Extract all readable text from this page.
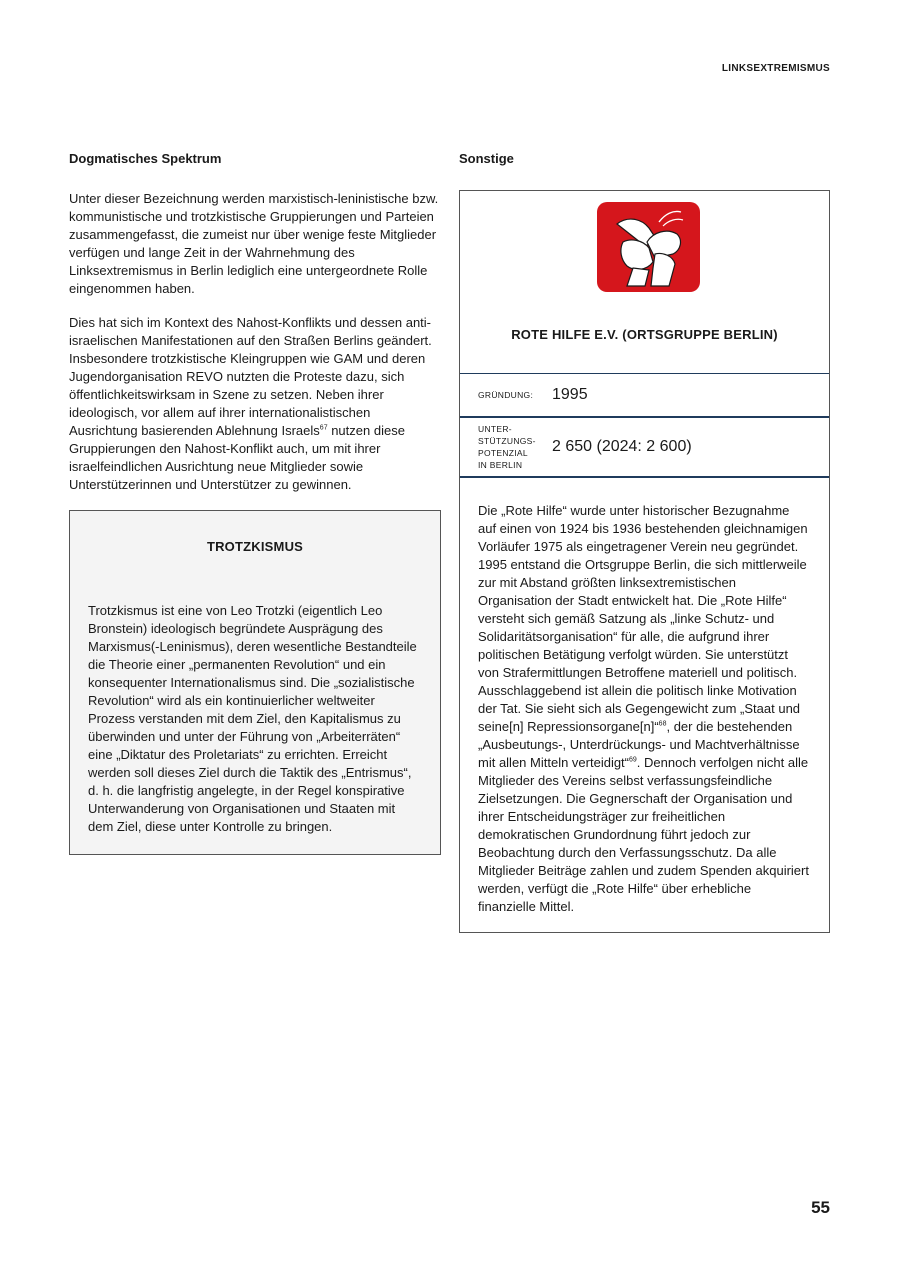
LINKSEXTREMISMUS
Dogmatisches Spektrum

Unter dieser Bezeichnung werden marxistisch-leninistische bzw. kommunistische und trotzkistische Gruppierungen und Parteien zusammengefasst, die zumeist nur über wenige feste Mitglieder verfügen und lange Zeit in der Wahrnehmung des Linksextremismus in Berlin lediglich eine untergeordnete Rolle eingenommen haben.

Dies hat sich im Kontext des Nahost-Konflikts und dessen anti-israelischen Manifestationen auf den Straßen Berlins geändert. Insbesondere trotzkistische Kleingruppen wie GAM und deren Jugendorganisation REVO nutzten die Proteste dazu, sich öffentlichkeitswirksam in Szene zu setzen. Neben ihrer ideologisch, vor allem auf ihrer internationalistischen Ausrichtung basierenden Ablehnung Israels$^{67}$ nutzen diese Gruppierungen den Nahost-Konflikt auch, um mit ihrer israelfeindlichen Ausrichtung neue Mitglieder sowie Unterstützerinnen und Unterstützer zu gewinnen.

TROTZKISMUS

Trotzkismus ist eine von Leo Trotzki (eigentlich Leo Bronstein) ideologisch begründete Ausprägung des Marxismus(-Leninismus), deren wesentliche Bestandteile die Theorie einer „permanenten Revolution“ und ein konsequenter Internationalismus sind. Die „sozialistische Revolution“ wird als ein kontinuierlicher weltweiter Prozess verstanden mit dem Ziel, den Kapitalismus zu überwinden und unter der Führung von „Arbeiterräten“ eine „Diktatur des Proletariats“ zu errichten. Erreicht werden soll dieses Ziel durch die Taktik des „Entrismus“, d. h. die langfristig angelegte, in der Regel konspirative Unterwanderung von Organisationen und Staaten mit dem Ziel, diese unter Kontrolle zu bringen.

Sonstige
ROTE HILFE E.V. (ORTSGRUPPE BERLIN)
GRÜNDUNG:	1995
UNTER-
STÜTZUNGS-
POTENZIAL
IN BERLIN
2 650 (2024: 2 600)

Die „Rote Hilfe“ wurde unter historischer Bezugnahme auf einen von 1924 bis 1936 bestehenden gleichnamigen Vorläufer 1975 als eingetragener Verein neu gegründet. 1995 entstand die Ortsgruppe Berlin, die sich mittlerweile zur mit Abstand größten linksextremistischen Organisation der Stadt entwickelt hat. Die „Rote Hilfe“ versteht sich gemäß Satzung als „linke Schutz- und Solidaritätsorganisation“ für alle, die aufgrund ihrer politischen Betätigung verfolgt würden. Sie unterstützt von Strafermittlungen Betroffene materiell und politisch. Ausschlaggebend ist allein die politisch linke Motivation der Tat. Sie sieht sich als Gegengewicht zum „Staat und seine[n] Repressionsorgane[n]“$^{68}$, der die bestehenden „Ausbeutungs-, Unterdrückungs- und Machtverhältnisse mit allen Mitteln verteidigt“$^{69}$. Dennoch verfolgen nicht alle Mitglieder des Vereins selbst verfassungsfeindliche Zielsetzungen. Die Gegnerschaft der Organisation und ihrer Entscheidungsträger zur freiheitlichen demokratischen Grundordnung führt jedoch zur Beobachtung durch den Verfassungsschutz. Da alle Mitglieder Beiträge zahlen und zudem Spenden akquiriert werden, verfügt die „Rote Hilfe“ über erhebliche finanzielle Mittel.

55
